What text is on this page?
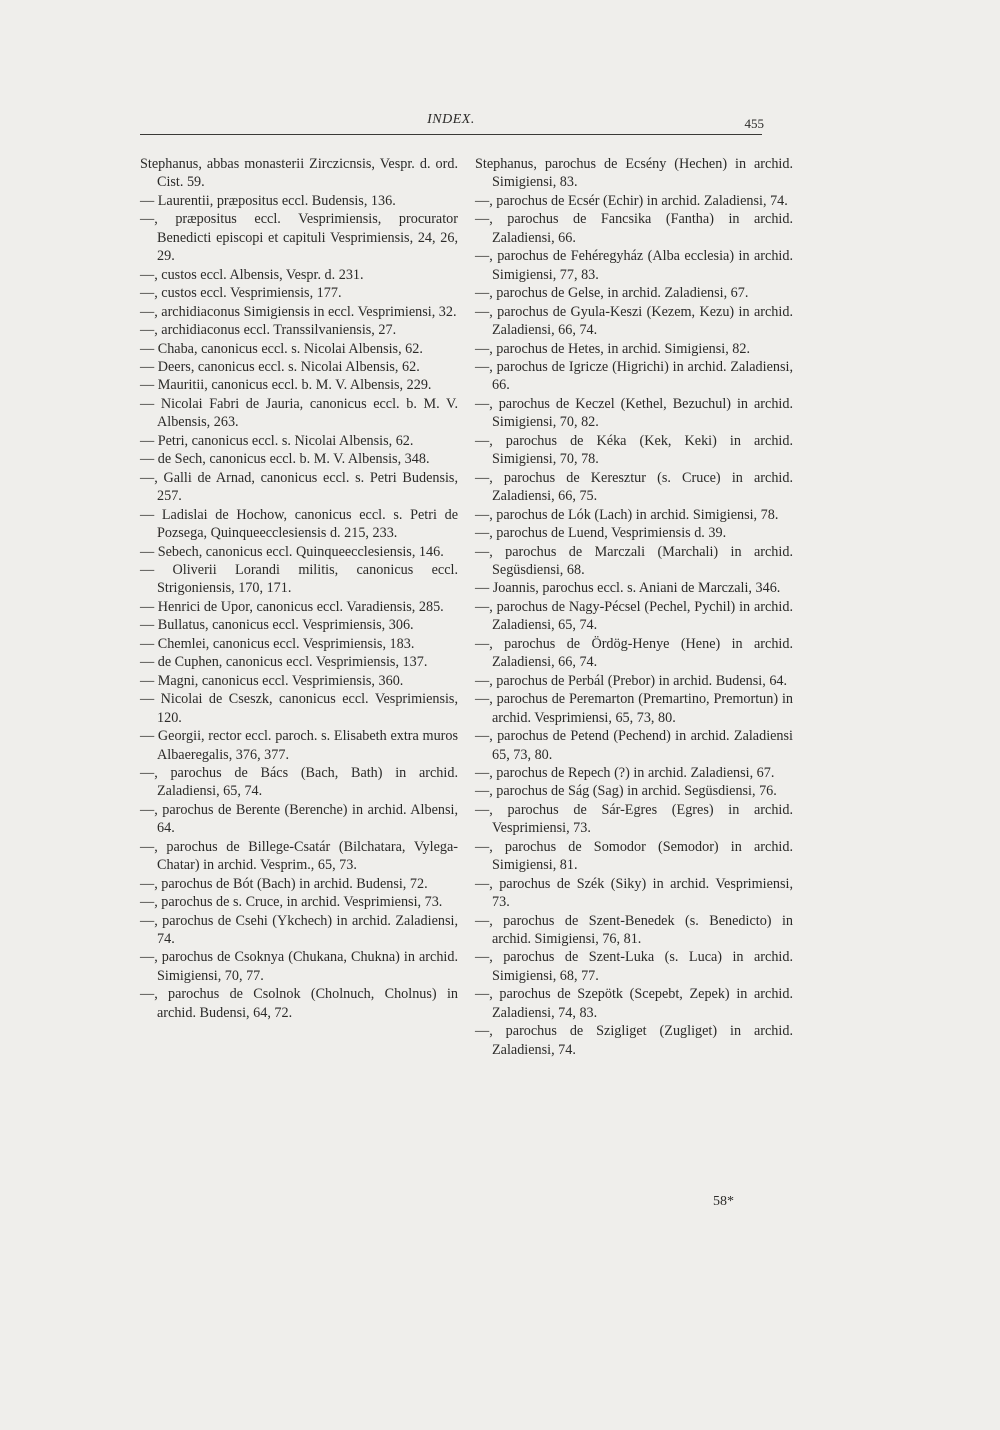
INDEX.	455

Stephanus, abbas monasterii Zirczicnsis, Vespr. d. ord. Cist. 59.

— Laurentii, præpositus eccl. Budensis, 136.

—, præpositus eccl. Vesprimiensis, procurator Benedicti episcopi et capituli Vesprimiensis, 24, 26, 29.

—, custos eccl. Albensis, Vespr. d. 231.

—, custos eccl. Vesprimiensis, 177.

—, archidiaconus Simigiensis in eccl. Vesprimiensi, 32.

—, archidiaconus eccl. Transsilvaniensis, 27.

— Chaba, canonicus eccl. s. Nicolai Albensis, 62.

— Deers, canonicus eccl. s. Nicolai Albensis, 62.

— Mauritii, canonicus eccl. b. M. V. Albensis, 229.

— Nicolai Fabri de Jauria, canonicus eccl. b. M. V. Albensis, 263.

— Petri, canonicus eccl. s. Nicolai Albensis, 62.

— de Sech, canonicus eccl. b. M. V. Albensis, 348.

—, Galli de Arnad, canonicus eccl. s. Petri Budensis, 257.

— Ladislai de Hochow, canonicus eccl. s. Petri de Pozsega, Quinqueecclesiensis d. 215, 233.

— Sebech, canonicus eccl. Quinqueecclesiensis, 146.

— Oliverii Lorandi militis, canonicus eccl. Strigoniensis, 170, 171.

— Henrici de Upor, canonicus eccl. Varadiensis, 285.

— Bullatus, canonicus eccl. Vesprimiensis, 306.

— Chemlei, canonicus eccl. Vesprimiensis, 183.

— de Cuphen, canonicus eccl. Vesprimiensis, 137.

— Magni, canonicus eccl. Vesprimiensis, 360.

— Nicolai de Cseszk, canonicus eccl. Vesprimiensis, 120.

— Georgii, rector eccl. paroch. s. Elisabeth extra muros Albaeregalis, 376, 377.

—, parochus de Bács (Bach, Bath) in archid. Zaladiensi, 65, 74.

—, parochus de Berente (Berenche) in archid. Albensi, 64.

—, parochus de Billege-Csatár (Bilchatara, Vylega-Chatar) in archid. Vesprim., 65, 73.

—, parochus de Bót (Bach) in archid. Budensi, 72.

—, parochus de s. Cruce, in archid. Vesprimiensi, 73.

—, parochus de Csehi (Ykchech) in archid. Zaladiensi, 74.

—, parochus de Csoknya (Chukana, Chukna) in archid. Simigiensi, 70, 77.

—, parochus de Csolnok (Cholnuch, Cholnus) in archid. Budensi, 64, 72.

Stephanus, parochus de Ecsény (Hechen) in archid. Simigiensi, 83.

—, parochus de Ecsér (Echir) in archid. Zaladiensi, 74.

—, parochus de Fancsika (Fantha) in archid. Zaladiensi, 66.

—, parochus de Fehéregyház (Alba ecclesia) in archid. Simigiensi, 77, 83.

—, parochus de Gelse, in archid. Zaladiensi, 67.

—, parochus de Gyula-Keszi (Kezem, Kezu) in archid. Zaladiensi, 66, 74.

—, parochus de Hetes, in archid. Simigiensi, 82.

—, parochus de Igricze (Higrichi) in archid. Zaladiensi, 66.

—, parochus de Keczel (Kethel, Bezuchul) in archid. Simigiensi, 70, 82.

—, parochus de Kéka (Kek, Keki) in archid. Simigiensi, 70, 78.

—, parochus de Keresztur (s. Cruce) in archid. Zaladiensi, 66, 75.

—, parochus de Lók (Lach) in archid. Simigiensi, 78.

—, parochus de Luend, Vesprimiensis d. 39.

—, parochus de Marczali (Marchali) in archid. Següsdiensi, 68.

— Joannis, parochus eccl. s. Aniani de Marczali, 346.

—, parochus de Nagy-Pécsel (Pechel, Pychil) in archid. Zaladiensi, 65, 74.

—, parochus de Ördög-Henye (Hene) in archid. Zaladiensi, 66, 74.

—, parochus de Perbál (Prebor) in archid. Budensi, 64.

—, parochus de Peremarton (Premartino, Premortun) in archid. Vesprimiensi, 65, 73, 80.

—, parochus de Petend (Pechend) in archid. Zaladiensi 65, 73, 80.

—, parochus de Repech (?) in archid. Zaladiensi, 67.

—, parochus de Ság (Sag) in archid. Següsdiensi, 76.

—, parochus de Sár-Egres (Egres) in archid. Vesprimiensi, 73.

—, parochus de Somodor (Semodor) in archid. Simigiensi, 81.

—, parochus de Szék (Siky) in archid. Vesprimiensi, 73.

—, parochus de Szent-Benedek (s. Benedicto) in archid. Simigiensi, 76, 81.

—, parochus de Szent-Luka (s. Luca) in archid. Simigiensi, 68, 77.

—, parochus de Szepötk (Scepebt, Zepek) in archid. Zaladiensi, 74, 83.

—, parochus de Szigliget (Zugliget) in archid. Zaladiensi, 74.

58*
